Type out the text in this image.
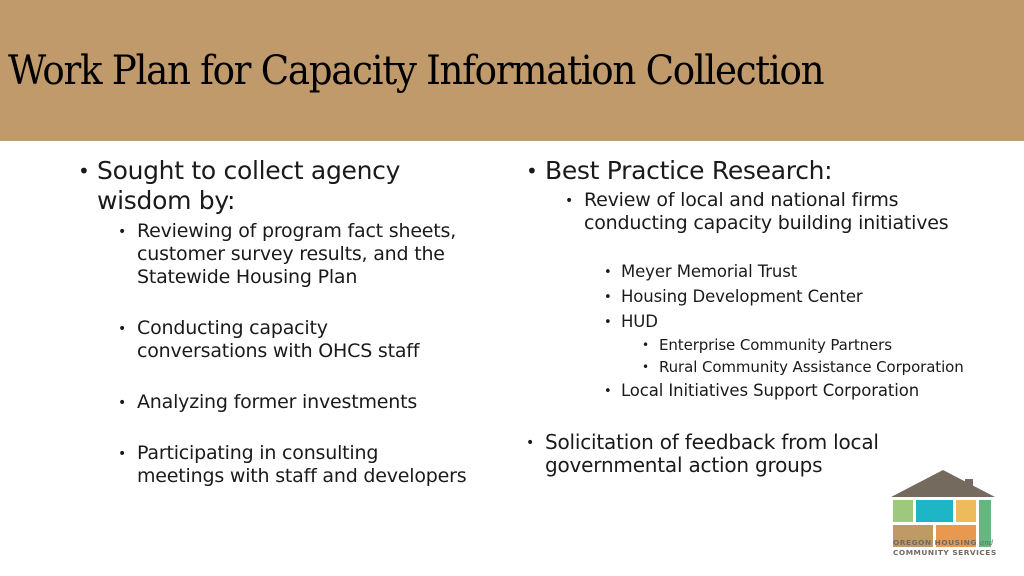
Work Plan for Capacity Information Collection
• Sought to collect agency
wisdom by:
• Reviewing of program fact sheets,
customer survey results, and the
Statewide Housing Plan
• Conducting capacity
conversations with OHCS staff
• Analyzing former investments
• Participating in consulting
meetings with staff and developers
• Best Practice Research:
• Review of local and national firms
conducting capacity building initiatives
• Meyer Memorial Trust
• Housing Development Center
• HUD
• Enterprise Community Partners
• Rural Community Assistance Corporation
• Local Initiatives Support Corporation
• Solicitation of feedback from local
governmental action groups
OREGON HOUSING and
COMMUNITY SERVICES
